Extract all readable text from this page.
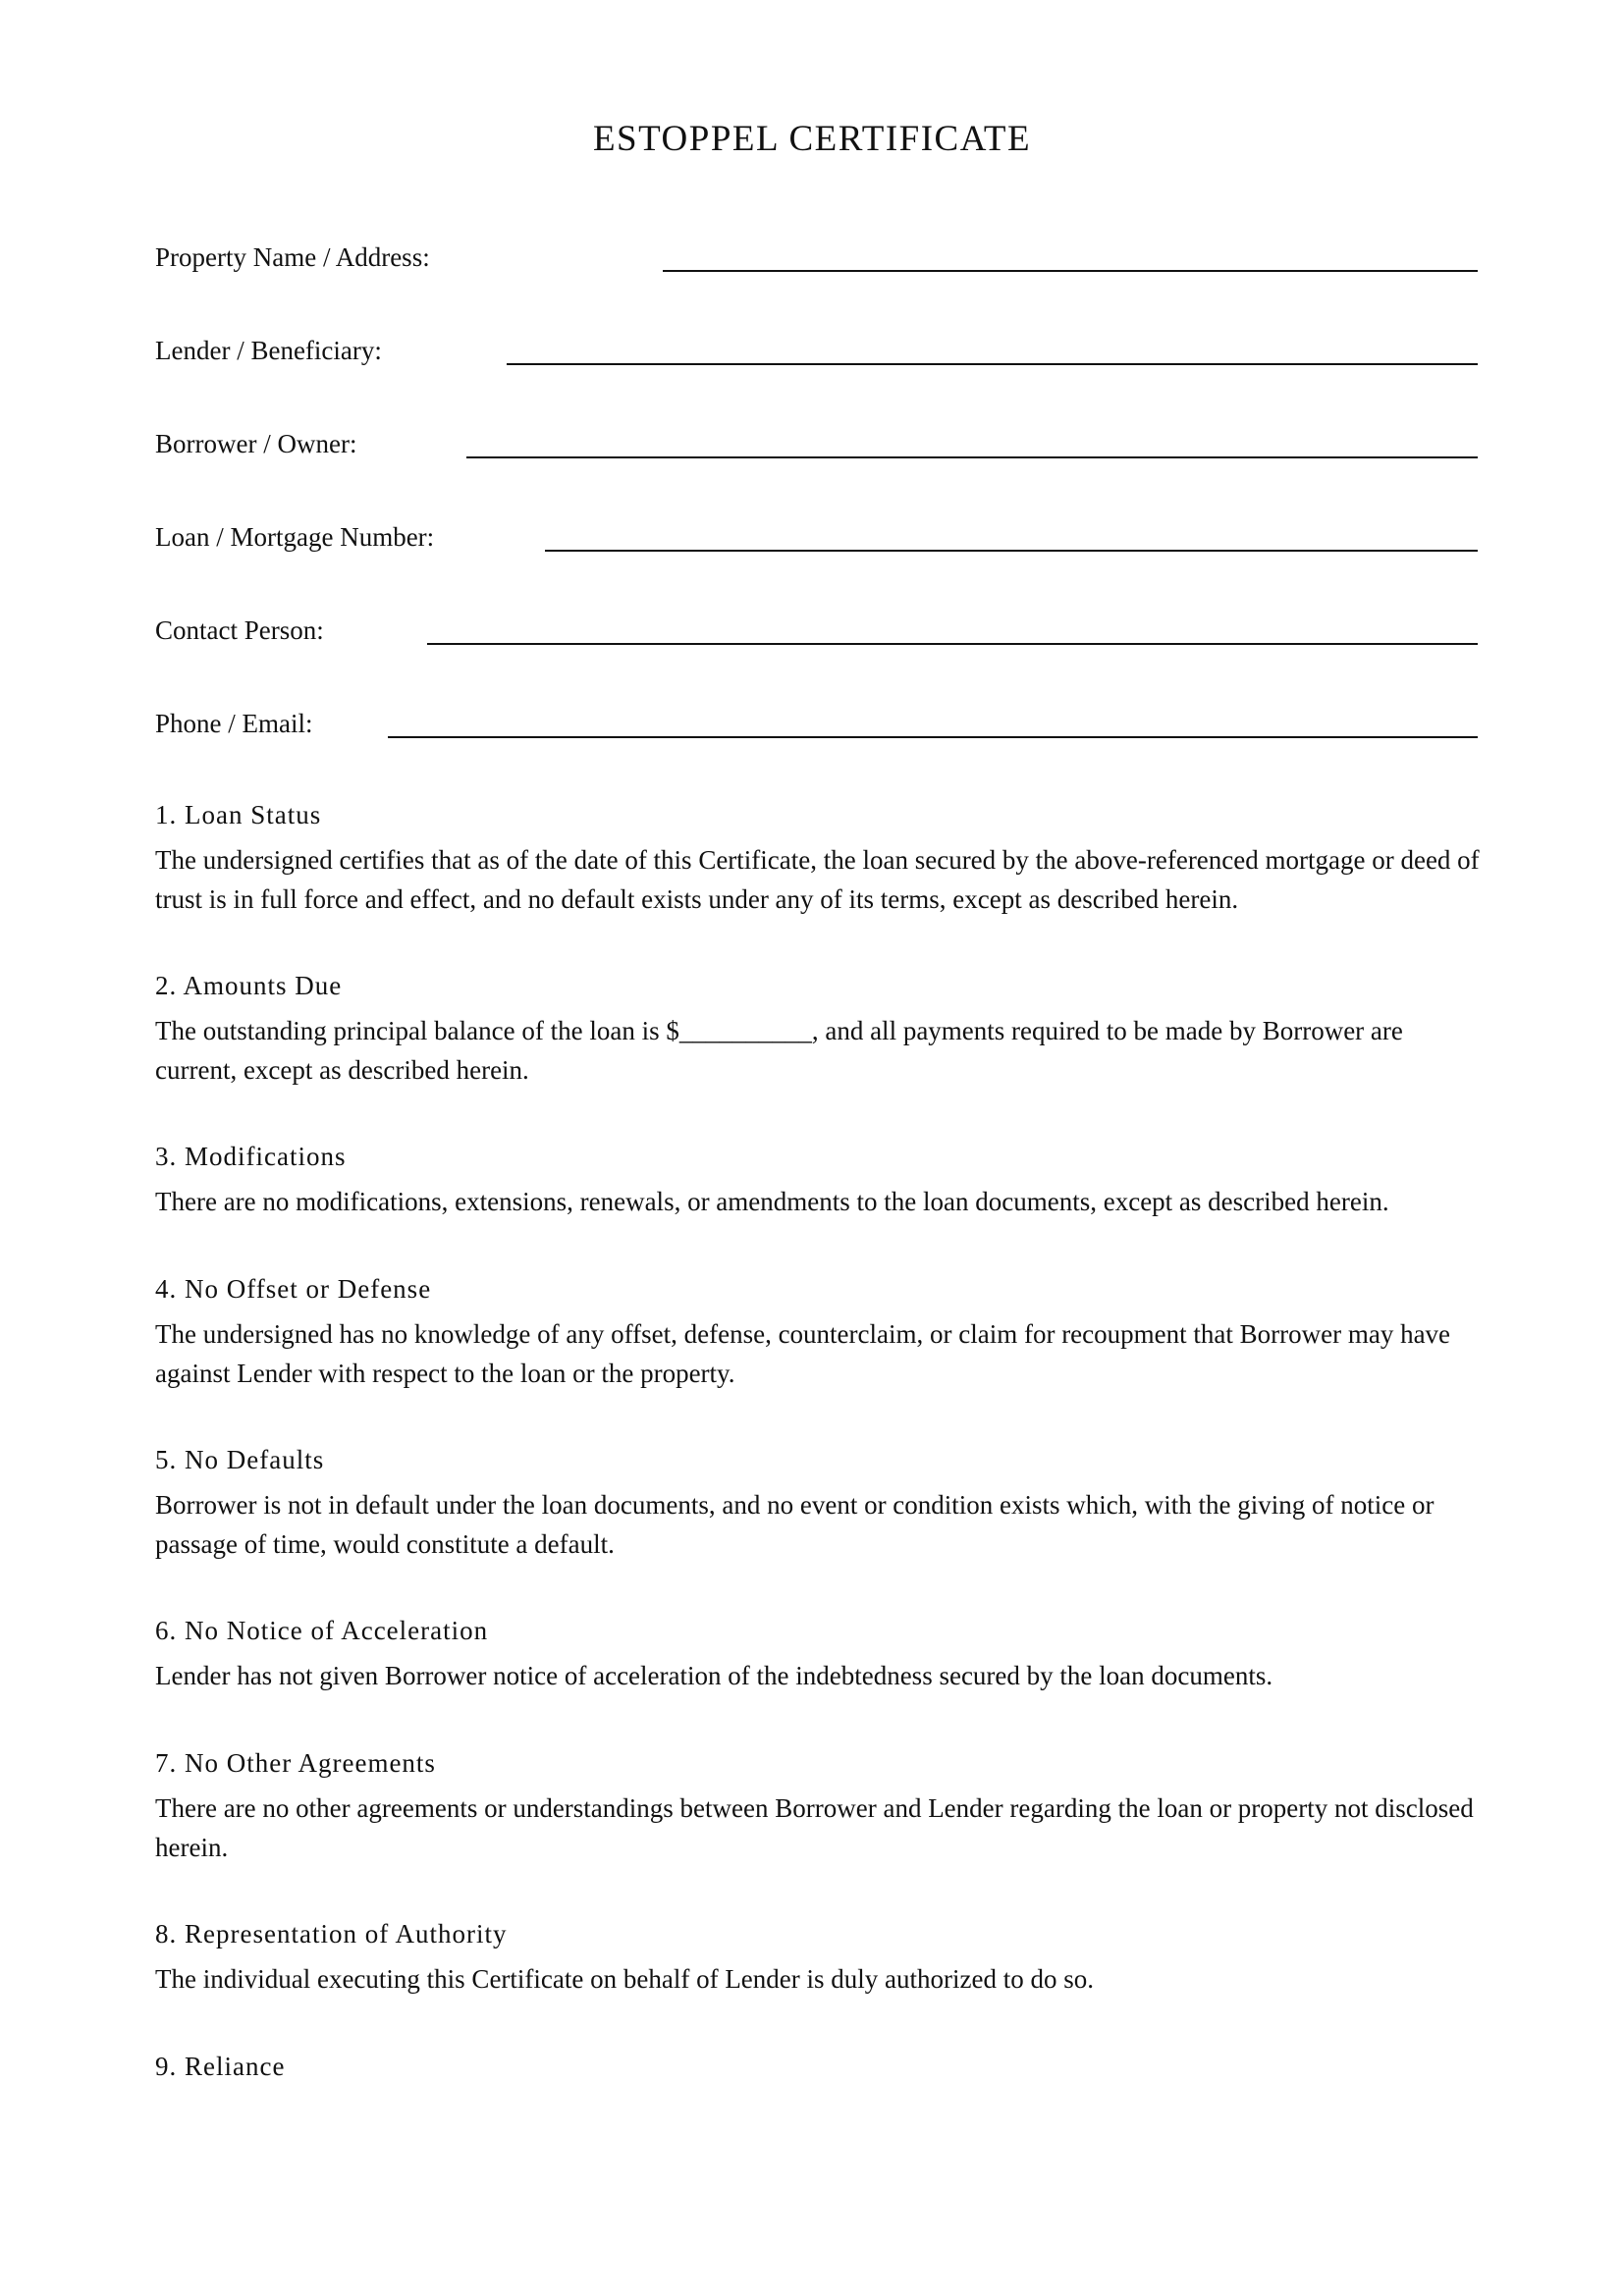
ESTOPPEL CERTIFICATE
Property Name / Address:
Lender / Beneficiary:
Borrower / Owner:
Loan / Mortgage Number:
Contact Person:
Phone / Email:
1. Loan Status

The undersigned certifies that as of the date of this Certificate, the loan secured by the above-referenced mortgage or deed of trust is in full force and effect, and no default exists under any of its terms, except as described herein.

2. Amounts Due

The outstanding principal balance of the loan is $__________, and all payments required to be made by Borrower are current, except as described herein.

3. Modifications

There are no modifications, extensions, renewals, or amendments to the loan documents, except as described herein.

4. No Offset or Defense

The undersigned has no knowledge of any offset, defense, counterclaim, or claim for recoupment that Borrower may have against Lender with respect to the loan or the property.

5. No Defaults

Borrower is not in default under the loan documents, and no event or condition exists which, with the giving of notice or passage of time, would constitute a default.

6. No Notice of Acceleration

Lender has not given Borrower notice of acceleration of the indebtedness secured by the loan documents.

7. No Other Agreements

There are no other agreements or understandings between Borrower and Lender regarding the loan or property not disclosed herein.

8. Representation of Authority

The individual executing this Certificate on behalf of Lender is duly authorized to do so.

9. Reliance
